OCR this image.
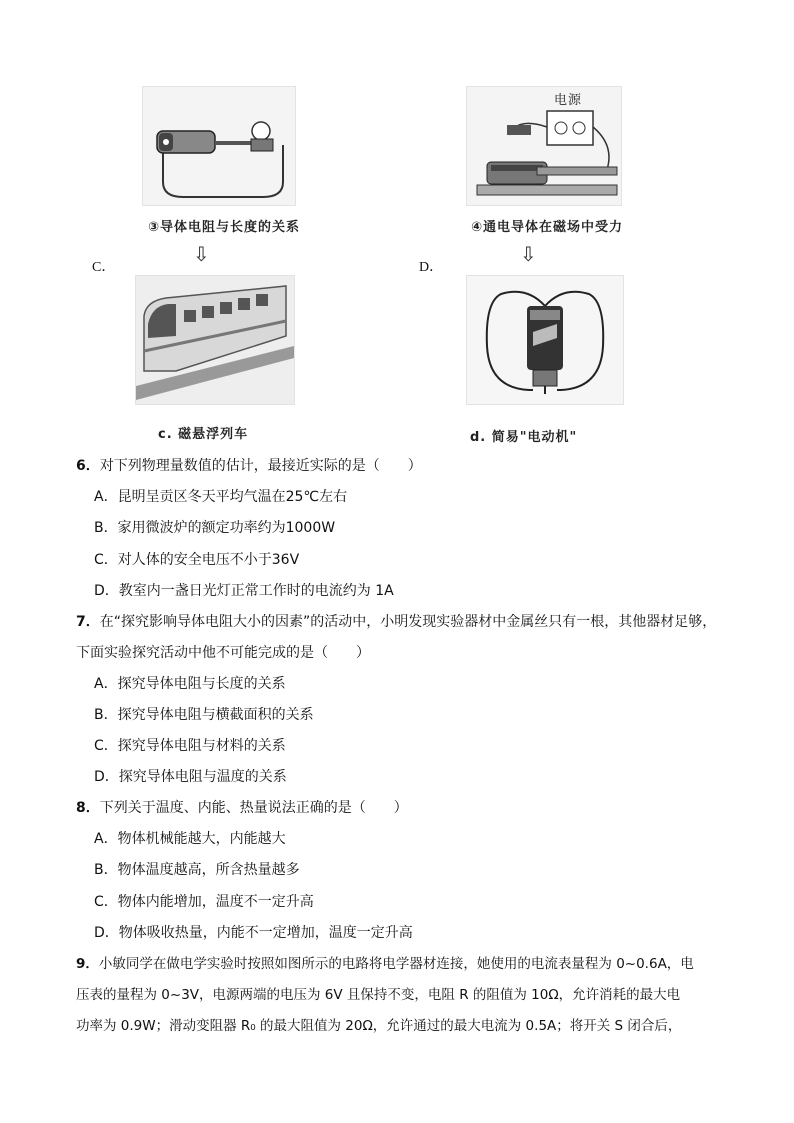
③导体电阻与长度的关系
⇩
C．
c. 磁悬浮列车
电源
④通电导体在磁场中受力
⇩
D．
d. 简易"电动机"
6．对下列物理量数值的估计，最接近实际的是（　　）
A．昆明呈贡区冬天平均气温在25℃左右
B．家用微波炉的额定功率约为1000W
C．对人体的安全电压不小于36V
D．教室内一盏日光灯正常工作时的电流约为 1A
7．在“探究影响导体电阻大小的因素”的活动中，小明发现实验器材中金属丝只有一根，其他器材足够，
下面实验探究活动中他不可能完成的是（　　）
A．探究导体电阻与长度的关系
B．探究导体电阻与横截面积的关系
C．探究导体电阻与材料的关系
D．探究导体电阻与温度的关系
8．下列关于温度、内能、热量说法正确的是（　　）
A．物体机械能越大，内能越大
B．物体温度越高，所含热量越多
C．物体内能增加，温度不一定升高
D．物体吸收热量，内能不一定增加，温度一定升高
9．小敏同学在做电学实验时按照如图所示的电路将电学器材连接，她使用的电流表量程为 0~0.6A，电
压表的量程为 0~3V，电源两端的电压为 6V 且保持不变，电阻 R 的阻值为 10Ω，允许消耗的最大电
功率为 0.9W；滑动变阻器 R₀ 的最大阻值为 20Ω，允许通过的最大电流为 0.5A；将开关 S 闭合后，
